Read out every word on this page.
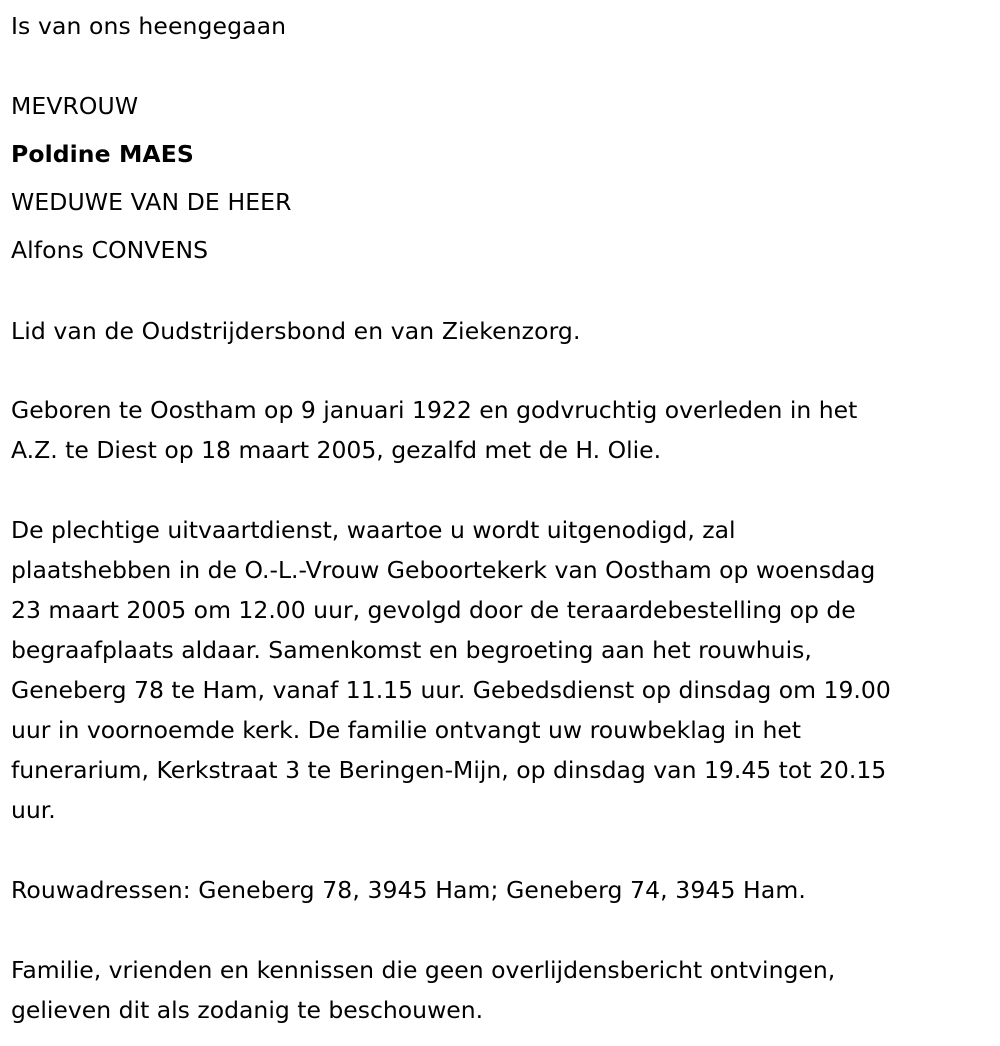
Is van ons heengegaan
MEVROUW
Poldine MAES
WEDUWE VAN DE HEER
Alfons CONVENS
Lid van de Oudstrijdersbond en van Ziekenzorg.
Geboren te Oostham op 9 januari 1922 en godvruchtig overleden in het
A.Z. te Diest op 18 maart 2005, gezalfd met de H. Olie.
De plechtige uitvaartdienst, waartoe u wordt uitgenodigd, zal
plaatshebben in de O.-L.-Vrouw Geboortekerk van Oostham op woensdag
23 maart 2005 om 12.00 uur, gevolgd door de teraardebestelling op de
begraafplaats aldaar. Samenkomst en begroeting aan het rouwhuis,
Geneberg 78 te Ham, vanaf 11.15 uur. Gebedsdienst op dinsdag om 19.00
uur in voornoemde kerk. De familie ontvangt uw rouwbeklag in het
funerarium, Kerkstraat 3 te Beringen-Mijn, op dinsdag van 19.45 tot 20.15
uur.
Rouwadressen: Geneberg 78, 3945 Ham; Geneberg 74, 3945 Ham.
Familie, vrienden en kennissen die geen overlijdensbericht ontvingen,
gelieven dit als zodanig te beschouwen.
